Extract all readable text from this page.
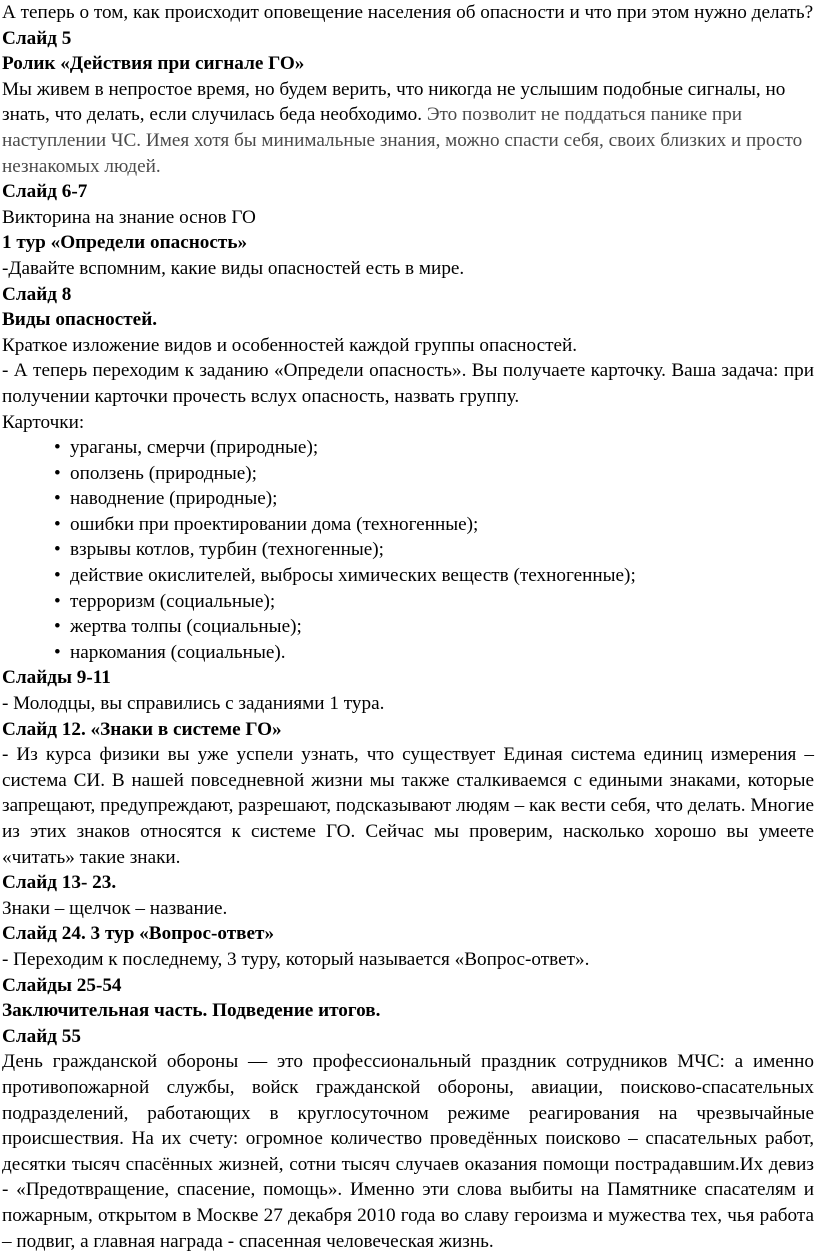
А теперь о том, как происходит оповещение населения об опасности и что при этом нужно делать?

Слайд 5

Ролик «Действия при сигнале ГО»

Мы живем в непростое время, но будем верить, что никогда не услышим подобные сигналы, но знать, что делать, если случилась беда необходимо. Это позволит не поддаться панике при наступлении ЧС. Имея хотя бы минимальные знания, можно спасти себя, своих близких и просто незнакомых людей.

Слайд 6-7

Викторина на знание основ ГО

1 тур «Определи опасность»

-Давайте вспомним, какие виды опасностей есть в мире.

Слайд 8

Виды опасностей.

Краткое изложение видов и особенностей каждой группы опасностей.

- А теперь переходим к заданию «Определи опасность». Вы получаете карточку. Ваша задача: при получении карточки прочесть вслух опасность, назвать группу.

Карточки:

• ураганы, смерчи (природные);
• оползень (природные);
• наводнение (природные);
• ошибки при проектировании дома (техногенные);
• взрывы котлов, турбин (техногенные);
• действие окислителей, выбросы химических веществ (техногенные);
• терроризм (социальные);
• жертва толпы (социальные);
• наркомания (социальные).

Слайды 9-11

- Молодцы, вы справились с заданиями 1 тура.

Слайд 12. «Знаки в системе ГО»

- Из курса физики вы уже успели узнать, что существует Единая система единиц измерения – система СИ. В нашей повседневной жизни мы также сталкиваемся с едиными знаками, которые запрещают, предупреждают, разрешают, подсказывают людям – как вести себя, что делать. Многие из этих знаков относятся к системе ГО. Сейчас мы проверим, насколько хорошо вы умеете «читать» такие знаки.

Слайд 13- 23.

Знаки – щелчок – название.

Слайд 24. 3 тур «Вопрос-ответ»

- Переходим к последнему, 3 туру, который называется «Вопрос-ответ».

Слайды 25-54

Заключительная часть. Подведение итогов.

Слайд 55

День гражданской обороны — это профессиональный праздник сотрудников МЧС: а именно противопожарной службы, войск гражданской обороны, авиации, поисково-спасательных подразделений, работающих в круглосуточном режиме реагирования на чрезвычайные происшествия. На их счету: огромное количество проведённых поисково – спасательных работ, десятки тысяч спасённых жизней, сотни тысяч случаев оказания помощи пострадавшим.Их девиз - «Предотвращение, спасение, помощь». Именно эти слова выбиты на Памятнике спасателям и пожарным, открытом в Москве 27 декабря 2010 года во славу героизма и мужества тех, чья работа – подвиг, а главная награда - спасенная человеческая жизнь.
